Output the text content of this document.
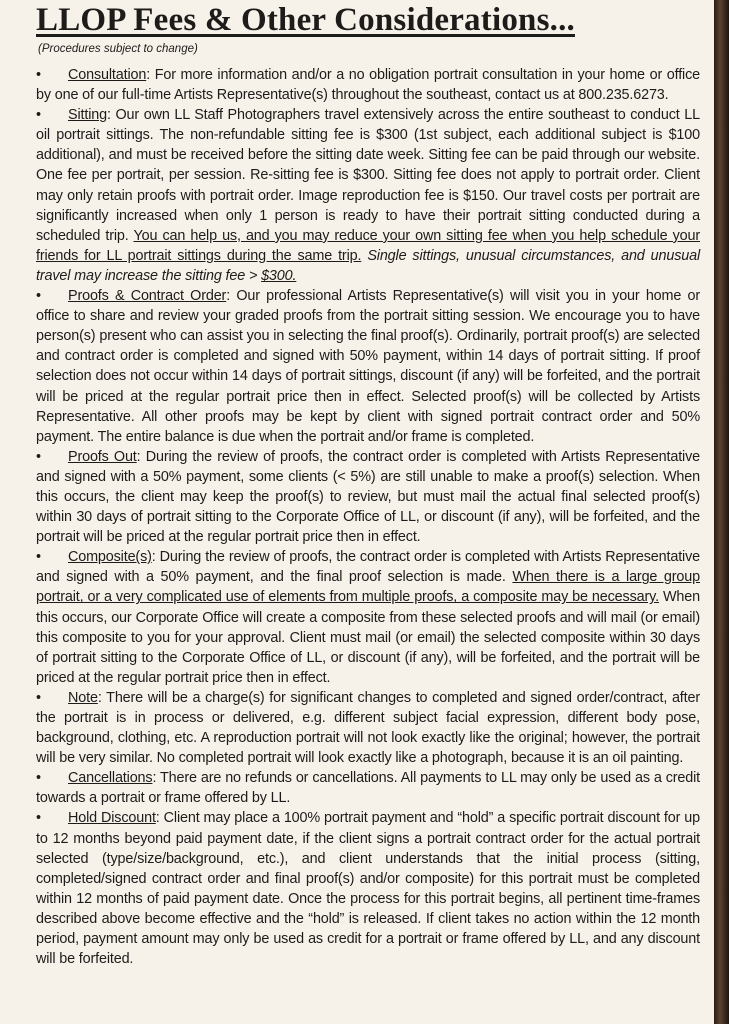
LLOP Fees & Other Considerations...
(Procedures subject to change)

• Consultation: For more information and/or a no obligation portrait consultation in your home or office by one of our full-time Artists Representative(s) throughout the southeast, contact us at 800.235.6273.

• Sitting: Our own LL Staff Photographers travel extensively across the entire southeast to conduct LL oil portrait sittings. The non-refundable sitting fee is $300 (1st subject, each additional subject is $100 additional), and must be received before the sitting date week. Sitting fee can be paid through our website. One fee per portrait, per session. Re-sitting fee is $300. Sitting fee does not apply to portrait order. Client may only retain proofs with portrait order. Image reproduction fee is $150. Our travel costs per portrait are significantly increased when only 1 person is ready to have their portrait sitting conducted during a scheduled trip. You can help us, and you may reduce your own sitting fee when you help schedule your friends for LL portrait sittings during the same trip. Single sittings, unusual circumstances, and unusual travel may increase the sitting fee > $300.

• Proofs & Contract Order: Our professional Artists Representative(s) will visit you in your home or office to share and review your graded proofs from the portrait sitting session. We encourage you to have person(s) present who can assist you in selecting the final proof(s). Ordinarily, portrait proof(s) are selected and contract order is completed and signed with 50% payment, within 14 days of portrait sitting. If proof selection does not occur within 14 days of portrait sittings, discount (if any) will be forfeited, and the portrait will be priced at the regular portrait price then in effect. Selected proof(s) will be collected by Artists Representative. All other proofs may be kept by client with signed portrait contract order and 50% payment. The entire balance is due when the portrait and/or frame is completed.

• Proofs Out: During the review of proofs, the contract order is completed with Artists Representative and signed with a 50% payment, some clients (< 5%) are still unable to make a proof(s) selection. When this occurs, the client may keep the proof(s) to review, but must mail the actual final selected proof(s) within 30 days of portrait sitting to the Corporate Office of LL, or discount (if any), will be forfeited, and the portrait will be priced at the regular portrait price then in effect.

• Composite(s): During the review of proofs, the contract order is completed with Artists Representative and signed with a 50% payment, and the final proof selection is made. When there is a large group portrait, or a very complicated use of elements from multiple proofs, a composite may be necessary. When this occurs, our Corporate Office will create a composite from these selected proofs and will mail (or email) this composite to you for your approval. Client must mail (or email) the selected composite within 30 days of portrait sitting to the Corporate Office of LL, or discount (if any), will be forfeited, and the portrait will be priced at the regular portrait price then in effect.

• Note: There will be a charge(s) for significant changes to completed and signed order/contract, after the portrait is in process or delivered, e.g. different subject facial expression, different body pose, background, clothing, etc. A reproduction portrait will not look exactly like the original; however, the portrait will be very similar. No completed portrait will look exactly like a photograph, because it is an oil painting.

• Cancellations: There are no refunds or cancellations. All payments to LL may only be used as a credit towards a portrait or frame offered by LL.

• Hold Discount: Client may place a 100% portrait payment and “hold” a specific portrait discount for up to 12 months beyond paid payment date, if the client signs a portrait contract order for the actual portrait selected (type/size/background, etc.), and client understands that the initial process (sitting, completed/signed contract order and final proof(s) and/or composite) for this portrait must be completed within 12 months of paid payment date. Once the process for this portrait begins, all pertinent time-frames described above become effective and the “hold” is released. If client takes no action within the 12 month period, payment amount may only be used as credit for a portrait or frame offered by LL, and any discount will be forfeited.
